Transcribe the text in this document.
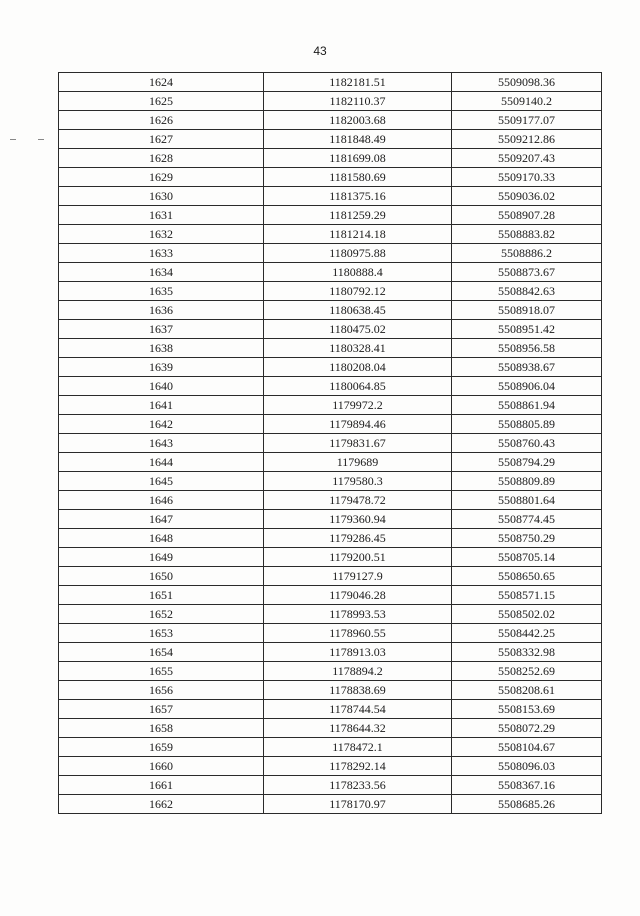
43
1624	1182181.51	5509098.36
1625	1182110.37	5509140.2
1626	1182003.68	5509177.07
1627	1181848.49	5509212.86
1628	1181699.08	5509207.43
1629	1181580.69	5509170.33
1630	1181375.16	5509036.02
1631	1181259.29	5508907.28
1632	1181214.18	5508883.82
1633	1180975.88	5508886.2
1634	1180888.4	5508873.67
1635	1180792.12	5508842.63
1636	1180638.45	5508918.07
1637	1180475.02	5508951.42
1638	1180328.41	5508956.58
1639	1180208.04	5508938.67
1640	1180064.85	5508906.04
1641	1179972.2	5508861.94
1642	1179894.46	5508805.89
1643	1179831.67	5508760.43
1644	1179689	5508794.29
1645	1179580.3	5508809.89
1646	1179478.72	5508801.64
1647	1179360.94	5508774.45
1648	1179286.45	5508750.29
1649	1179200.51	5508705.14
1650	1179127.9	5508650.65
1651	1179046.28	5508571.15
1652	1178993.53	5508502.02
1653	1178960.55	5508442.25
1654	1178913.03	5508332.98
1655	1178894.2	5508252.69
1656	1178838.69	5508208.61
1657	1178744.54	5508153.69
1658	1178644.32	5508072.29
1659	1178472.1	5508104.67
1660	1178292.14	5508096.03
1661	1178233.56	5508367.16
1662	1178170.97	5508685.26
